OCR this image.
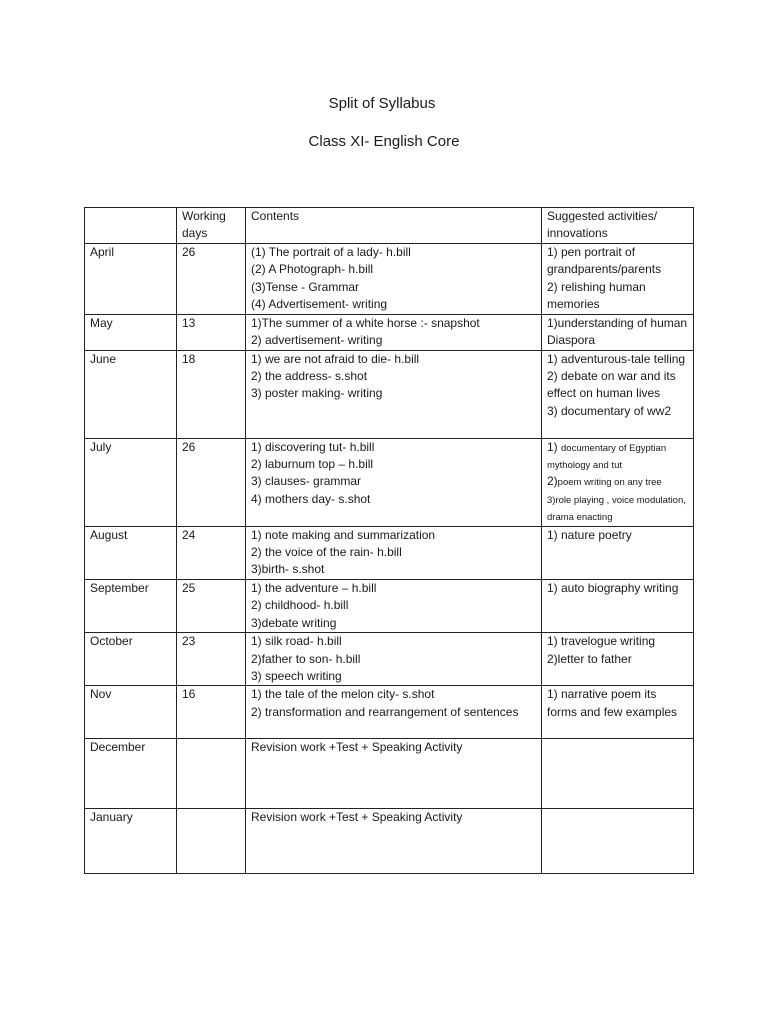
Split of Syllabus
Class XI- English Core
	Working days	Contents	Suggested activities/ innovations
April	26	(1) The portrait of a lady- h.bill
(2) A Photograph- h.bill
(3)Tense - Grammar
(4) Advertisement- writing	1) pen portrait of grandparents/parents
2) relishing human memories

May	13	1)The summer of a white horse :- snapshot
2) advertisement- writing	1)understanding of human Diaspora

June	18	1) we are not afraid to die- h.bill
2) the address- s.shot
3) poster making- writing	1) adventurous-tale telling
2) debate on war and its effect on human lives
3) documentary of ww2

July	26	1) discovering tut- h.bill
2) laburnum top – h.bill
3) clauses- grammar
4) mothers day- s.shot	1) documentary of Egyptian mythology and tut
2)poem writing on any tree
3)role playing , voice modulation, drama enacting

August	24	1) note making and summarization
2) the voice of the rain- h.bill
3)birth- s.shot	1) nature poetry

September	25	1) the adventure – h.bill
2) childhood- h.bill
3)debate writing	1) auto biography writing

October	23	1) silk road- h.bill
2)father to son- h.bill
3) speech writing	1) travelogue writing
2)letter to father

Nov	16	1) the tale of the melon city- s.shot
2) transformation and rearrangement of sentences	1) narrative poem its forms and few examples

December		Revision work +Test + Speaking Activity	

January		Revision work +Test + Speaking Activity	
